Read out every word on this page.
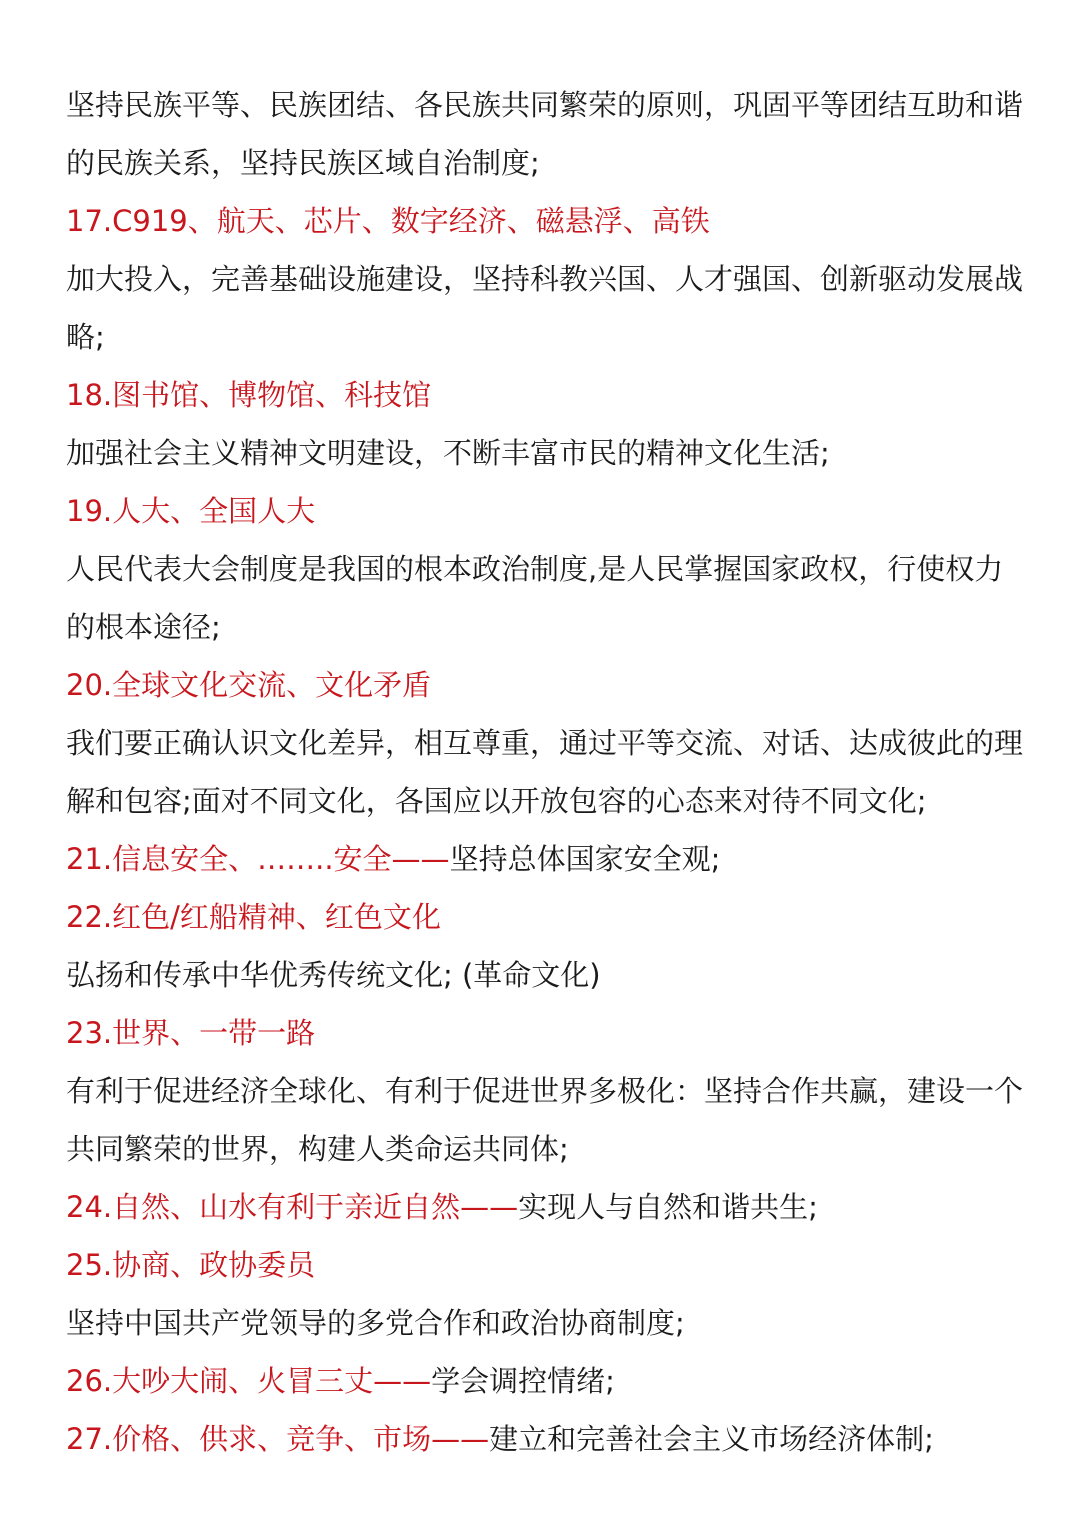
坚持民族平等、民族团结、各民族共同繁荣的原则，巩固平等团结互助和谐的民族关系，坚持民族区域自治制度;

17.C919、航天、芯片、数字经济、磁悬浮、高铁

加大投入，完善基础设施建设，坚持科教兴国、人才强国、创新驱动发展战略;

18.图书馆、博物馆、科技馆

加强社会主义精神文明建设，不断丰富市民的精神文化生活;

19.人大、全国人大

人民代表大会制度是我国的根本政治制度,是人民掌握国家政权，行使权力的根本途径;

20.全球文化交流、文化矛盾

我们要正确认识文化差异，相互尊重，通过平等交流、对话、达成彼此的理解和包容;面对不同文化，各国应以开放包容的心态来对待不同文化;

21.信息安全、……..安全——坚持总体国家安全观;

22.红色/红船精神、红色文化

弘扬和传承中华优秀传统文化; (革命文化)

23.世界、一带一路

有利于促进经济全球化、有利于促进世界多极化：坚持合作共赢，建设一个共同繁荣的世界，构建人类命运共同体;

24.自然、山水有利于亲近自然——实现人与自然和谐共生;

25.协商、政协委员

坚持中国共产党领导的多党合作和政治协商制度;

26.大吵大闹、火冒三丈——学会调控情绪;

27.价格、供求、竞争、市场——建立和完善社会主义市场经济体制;
